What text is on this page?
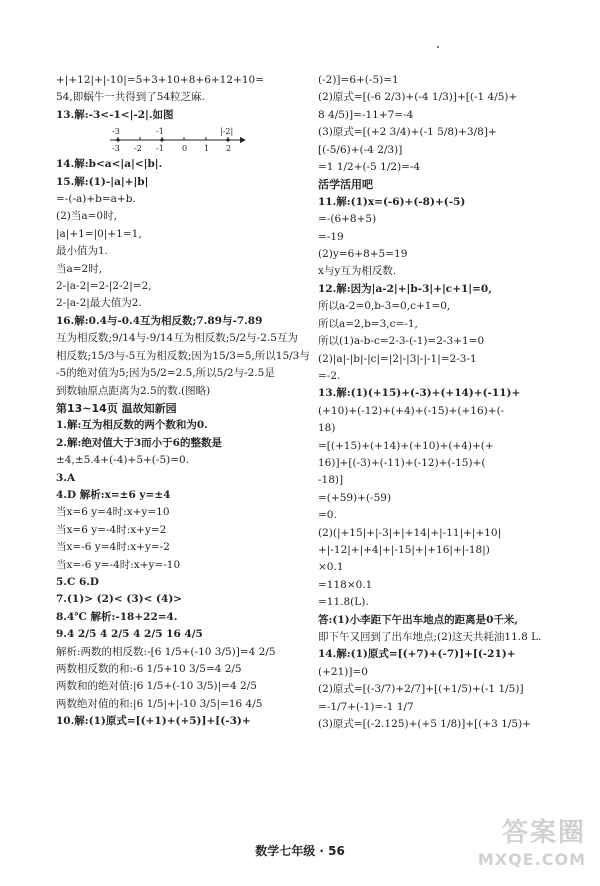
+|+12|+|-10|=5+3+10+8+6+12+10=
54,即蜗牛一共得到了54粒芝麻.
13.解:-3<-1<|-2|.如图
-3	-1	|-2|
-3 -2 -1 0 1 2
14.解:b<a<|a|<|b|.
15.解:(1)-|a|+|b|
=-(-a)+b=a+b.
(2)当a=0时,
|a|+1=|0|+1=1,
最小值为1.
当a=2时,
2-|a-2|=2-|2-2|=2,
2-|a-2|最大值为2.
16.解:0.4与-0.4互为相反数;7.89与-7.89
互为相反数;9/14与-9/14互为相反数;5/2与-2.5互为
相反数;15/3与-5互为相反数;因为15/3=5,所以15/3与
-5的绝对值为5;因为5/2=2.5,所以5/2与-2.5是
到数轴原点距离为2.5的数.(图略)
第13~14页 温故知新园
1.解:互为相反数的两个数和为0.
2.解:绝对值大于3而小于6的整数是
±4,±5.4+(-4)+5+(-5)=0.
3.A
4.D 解析:x=±6 y=±4
当x=6 y=4时:x+y=10
当x=6 y=-4时:x+y=2
当x=-6 y=4时:x+y=-2
当x=-6 y=-4时:x+y=-10
5.C 6.D
7.(1)> (2)< (3)< (4)>
8.4℃ 解析:-18+22=4.
9.4 2/5 4 2/5 4 2/5 16 4/5
解析:两数的相反数:-[6 1/5+(-10 3/5)]=4 2/5
两数相反数的和:-6 1/5+10 3/5=4 2/5
两数和的绝对值:|6 1/5+(-10 3/5)|=4 2/5
两数绝对值的和:|6 1/5|+|-10 3/5|=16 4/5
10.解:(1)原式=[(+1)+(+5)]+[(-3)+
(-2)]=6+(-5)=1
(2)原式=[(-6 2/3)+(-4 1/3)]+[(-1 4/5)+
8 4/5)]=-11+7=-4
(3)原式=[(+2 3/4)+(-1 5/8)+3/8]+
[(-5/6)+(-4 2/3)]
=1 1/2+(-5 1/2)=-4
活学活用吧
11.解:(1)x=(-6)+(-8)+(-5)
=-(6+8+5)
=-19
(2)y=6+8+5=19
x与y互为相反数.
12.解:因为|a-2|+|b-3|+|c+1|=0,
所以a-2=0,b-3=0,c+1=0,
所以a=2,b=3,c=-1,
所以(1)a-b-c=2-3-(-1)=2-3+1=0
(2)|a|-|b|-|c|=|2|-|3|-|-1|=2-3-1
=-2.
13.解:(1)(+15)+(-3)+(+14)+(-11)+
(+10)+(-12)+(+4)+(-15)+(+16)+(-
18)
=[(+15)+(+14)+(+10)+(+4)+(+
16)]+[(-3)+(-11)+(-12)+(-15)+(
-18)]
=(+59)+(-59)
=0.
(2)(|+15|+|-3|+|+14|+|-11|+|+10|
+|-12|+|+4|+|-15|+|+16|+|-18|)
×0.1
=118×0.1
=11.8(L).
答:(1)小李距下午出车地点的距离是0千米,
即下午又回到了出车地点;(2)这天共耗油11.8 L.
14.解:(1)原式=[(+7)+(-7)]+[(-21)+
(+21)]=0
(2)原式=[(-3/7)+2/7]+[(+1/5)+(-1 1/5)]
=-1/7+(-1)=-1 1/7
(3)原式=[(-2.125)+(+5 1/8)]+[(+3 1/5)+
数学七年级 · 56
答案圈
MXQE.COM
